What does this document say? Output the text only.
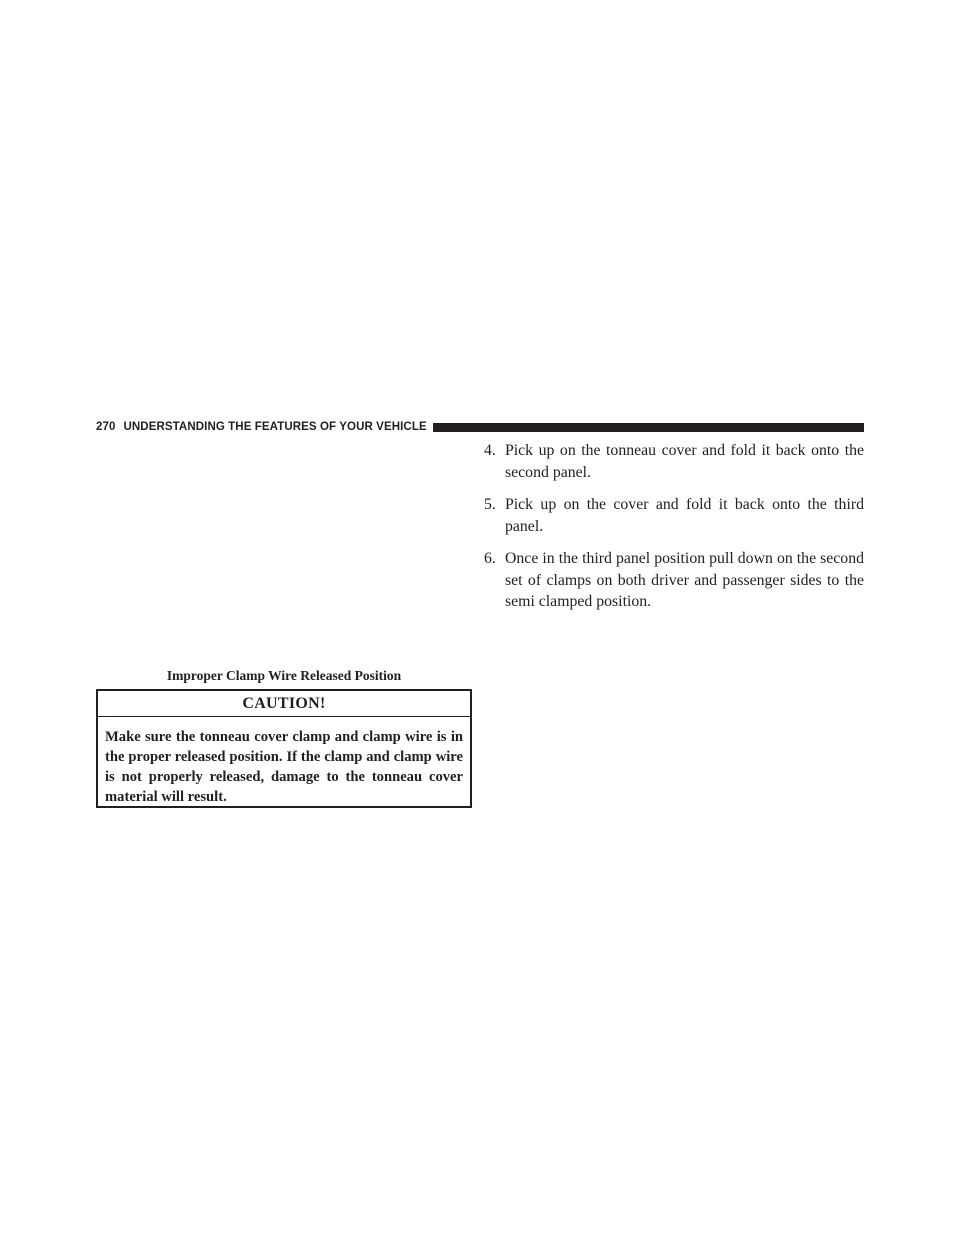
270 UNDERSTANDING THE FEATURES OF YOUR VEHICLE
Improper Clamp Wire Released Position
CAUTION!
Make sure the tonneau cover clamp and clamp wire is in the proper released position. If the clamp and clamp wire is not properly released, damage to the tonneau cover material will result.
4. Pick up on the tonneau cover and fold it back onto the second panel.
5. Pick up on the cover and fold it back onto the third panel.
6. Once in the third panel position pull down on the second set of clamps on both driver and passenger sides to the semi clamped position.
